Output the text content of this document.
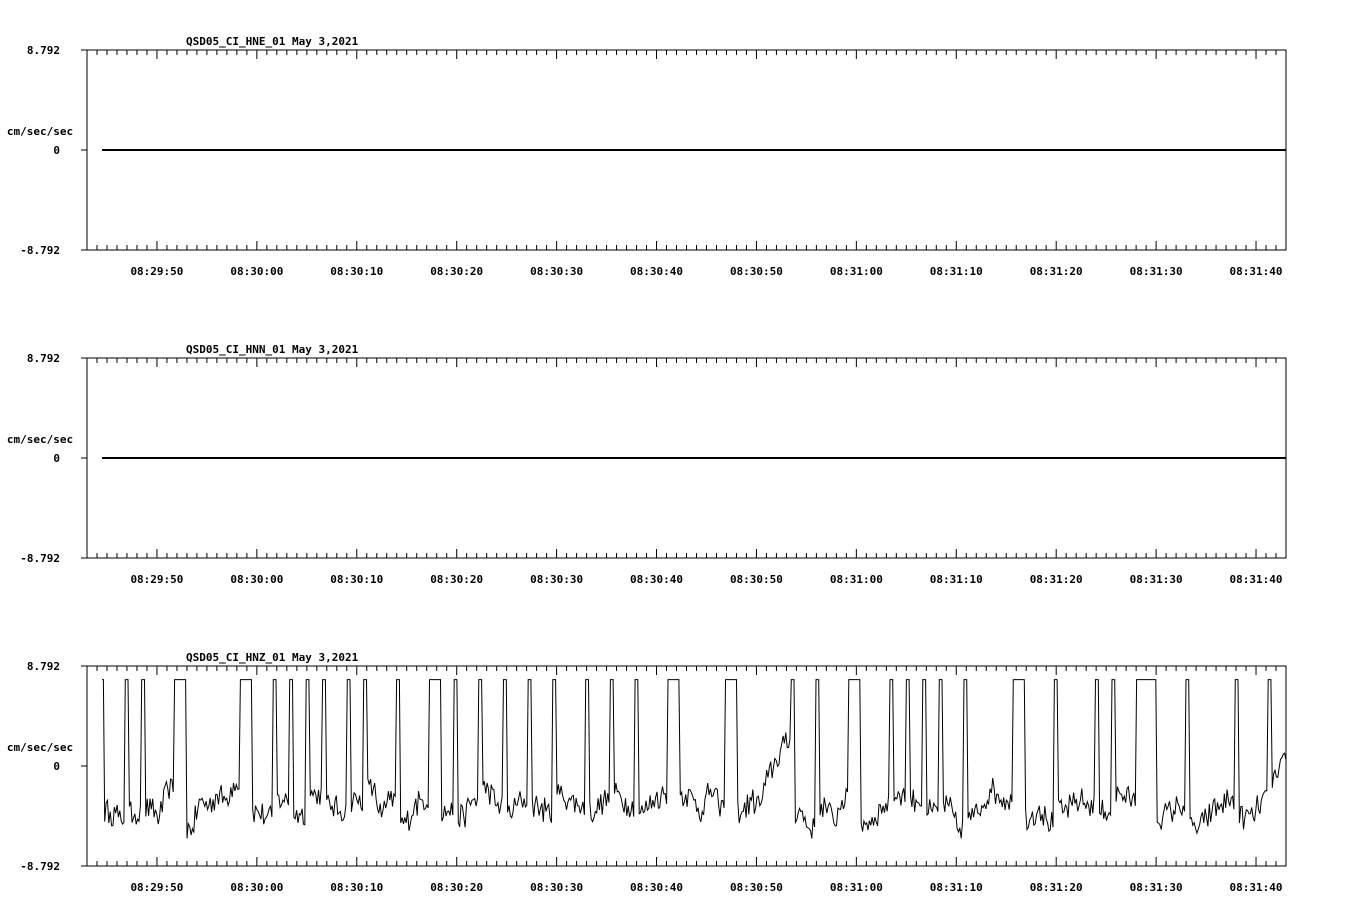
QSD05_CI_HNE_01 May 3,2021
8.792
0
-8.792
cm/sec/sec
08:29:50	08:30:00	08:30:10	08:30:20	08:30:30	08:30:40	08:30:50	08:31:00	08:31:10	08:31:20	08:31:30	08:31:40
QSD05_CI_HNN_01 May 3,2021
8.792
0
-8.792
cm/sec/sec
08:29:50	08:30:00	08:30:10	08:30:20	08:30:30	08:30:40	08:30:50	08:31:00	08:31:10	08:31:20	08:31:30	08:31:40
QSD05_CI_HNZ_01 May 3,2021
8.792
0
-8.792
cm/sec/sec
08:29:50	08:30:00	08:30:10	08:30:20	08:30:30	08:30:40	08:30:50	08:31:00	08:31:10	08:31:20	08:31:30	08:31:40
